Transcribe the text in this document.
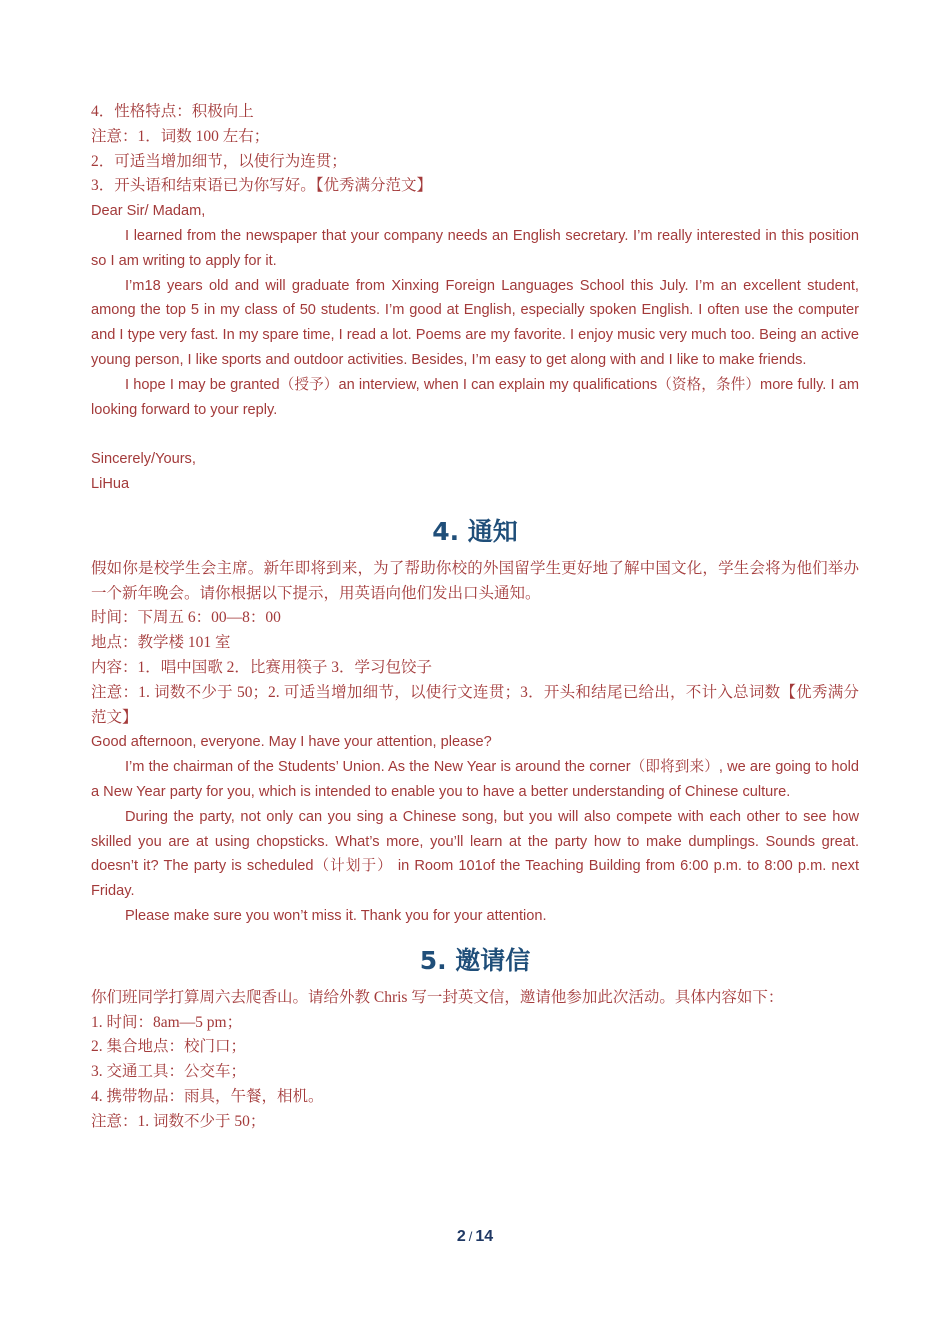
4．性格特点：积极向上
注意：1．词数 100 左右；
2．可适当增加细节，以使行为连贯；
3．开头语和结束语已为你写好。【优秀满分范文】
Dear Sir/ Madam,

I learned from the newspaper that your company needs an English secretary. I’m really interested in this position so I am writing to apply for it.

I’m18 years old and will graduate from Xinxing Foreign Languages School this July. I’m an excellent student, among the top 5 in my class of 50 students. I’m good at English, especially spoken English. I often use the computer and I type very fast. In my spare time, I read a lot. Poems are my favorite. I enjoy music very much too. Being an active young person, I like sports and outdoor activities. Besides, I’m easy to get along with and I like to make friends.

I hope I may be granted（授予）an interview, when I can explain my qualifications（资格，条件）more fully. I am looking forward to your reply.

Sincerely/Yours,
LiHua
4. 通知

假如你是校学生会主席。新年即将到来，为了帮助你校的外国留学生更好地了解中国文化，学生会将为他们举办一个新年晚会。请你根据以下提示，用英语向他们发出口头通知。

时间：下周五 6：00—8：00
地点：教学楼 101 室
内容：1．唱中国歌 2．比赛用筷子 3．学习包饺子

注意：1. 词数不少于 50；2. 可适当增加细节，以使行文连贯；3．开头和结尾已给出，不计入总词数【优秀满分范文】

Good afternoon, everyone. May I have your attention, please?

I’m the chairman of the Students’ Union. As the New Year is around the corner（即将到来）, we are going to hold a New Year party for you, which is intended to enable you to have a better understanding of Chinese culture.

During the party, not only can you sing a Chinese song, but you will also compete with each other to see how skilled you are at using chopsticks. What’s more, you’ll learn at the party how to make dumplings. Sounds great. doesn’t it? The party is scheduled（计划于） in Room 101of the Teaching Building from 6:00 p.m. to 8:00 p.m. next Friday.

Please make sure you won’t miss it. Thank you for your attention.

5. 邀请信
你们班同学打算周六去爬香山。请给外教 Chris 写一封英文信，邀请他参加此次活动。具体内容如下：
1. 时间：8am—5 pm；
2. 集合地点：校门口；
3. 交通工具：公交车；
4. 携带物品：雨具，午餐，相机。
注意：1. 词数不少于 50；
2 / 14
